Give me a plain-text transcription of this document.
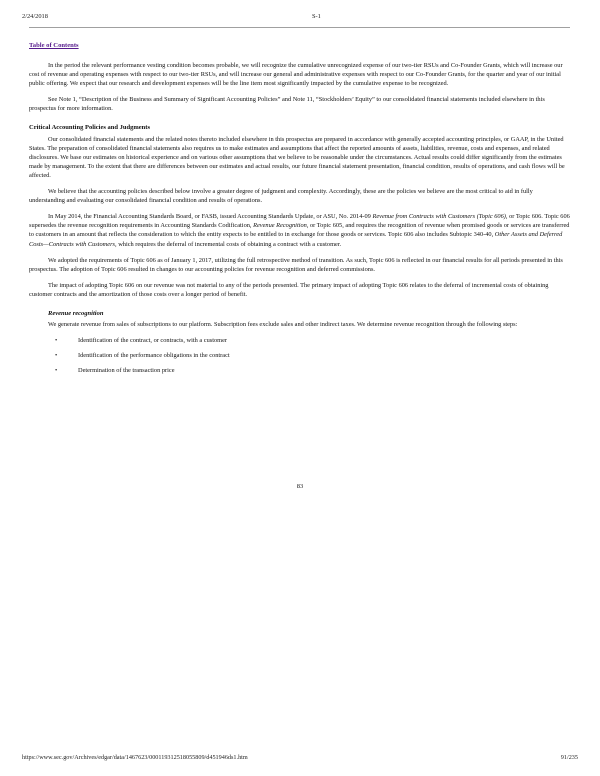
2/24/2018	S-1
Table of Contents

In the period the relevant performance vesting condition becomes probable, we will recognize the cumulative unrecognized expense of our two-tier RSUs and Co-Founder Grants, which will increase our cost of revenue and operating expenses with respect to our two-tier RSUs, and will increase our general and administrative expenses with respect to our Co-Founder Grants, for the quarter and year of our initial public offering. We expect that our research and development expenses will be the line item most significantly impacted by the cumulative expense to be recognized.

See Note 1, “Description of the Business and Summary of Significant Accounting Policies” and Note 11, “Stockholders’ Equity” to our consolidated financial statements included elsewhere in this prospectus for more information.

Critical Accounting Policies and Judgments

Our consolidated financial statements and the related notes thereto included elsewhere in this prospectus are prepared in accordance with generally accepted accounting principles, or GAAP, in the United States. The preparation of consolidated financial statements also requires us to make estimates and assumptions that affect the reported amounts of assets, liabilities, revenue, costs and expenses, and related disclosures. We base our estimates on historical experience and on various other assumptions that we believe to be reasonable under the circumstances. Actual results could differ significantly from the estimates made by management. To the extent that there are differences between our estimates and actual results, our future financial statement presentation, financial condition, results of operations, and cash flows will be affected.

We believe that the accounting policies described below involve a greater degree of judgment and complexity. Accordingly, these are the policies we believe are the most critical to aid in fully understanding and evaluating our consolidated financial condition and results of operations.

In May 2014, the Financial Accounting Standards Board, or FASB, issued Accounting Standards Update, or ASU, No. 2014-09 Revenue from Contracts with Customers (Topic 606), or Topic 606. Topic 606 supersedes the revenue recognition requirements in Accounting Standards Codification, Revenue Recognition, or Topic 605, and requires the recognition of revenue when promised goods or services are transferred to customers in an amount that reflects the consideration to which the entity expects to be entitled to in exchange for those goods or services. Topic 606 also includes Subtopic 340-40, Other Assets and Deferred Costs—Contracts with Customers, which requires the deferral of incremental costs of obtaining a contract with a customer.

We adopted the requirements of Topic 606 as of January 1, 2017, utilizing the full retrospective method of transition. As such, Topic 606 is reflected in our financial results for all periods presented in this prospectus. The adoption of Topic 606 resulted in changes to our accounting policies for revenue recognition and deferred commissions.

The impact of adopting Topic 606 on our revenue was not material to any of the periods presented. The primary impact of adopting Topic 606 relates to the deferral of incremental costs of obtaining customer contracts and the amortization of those costs over a longer period of benefit.

Revenue recognition

We generate revenue from sales of subscriptions to our platform. Subscription fees exclude sales and other indirect taxes. We determine revenue recognition through the following steps:

•	Identification of the contract, or contracts, with a customer
•	Identification of the performance obligations in the contract
•	Determination of the transaction price
83
https://www.sec.gov/Archives/edgar/data/1467623/000119312518055809/d451946ds1.htm	91/235
